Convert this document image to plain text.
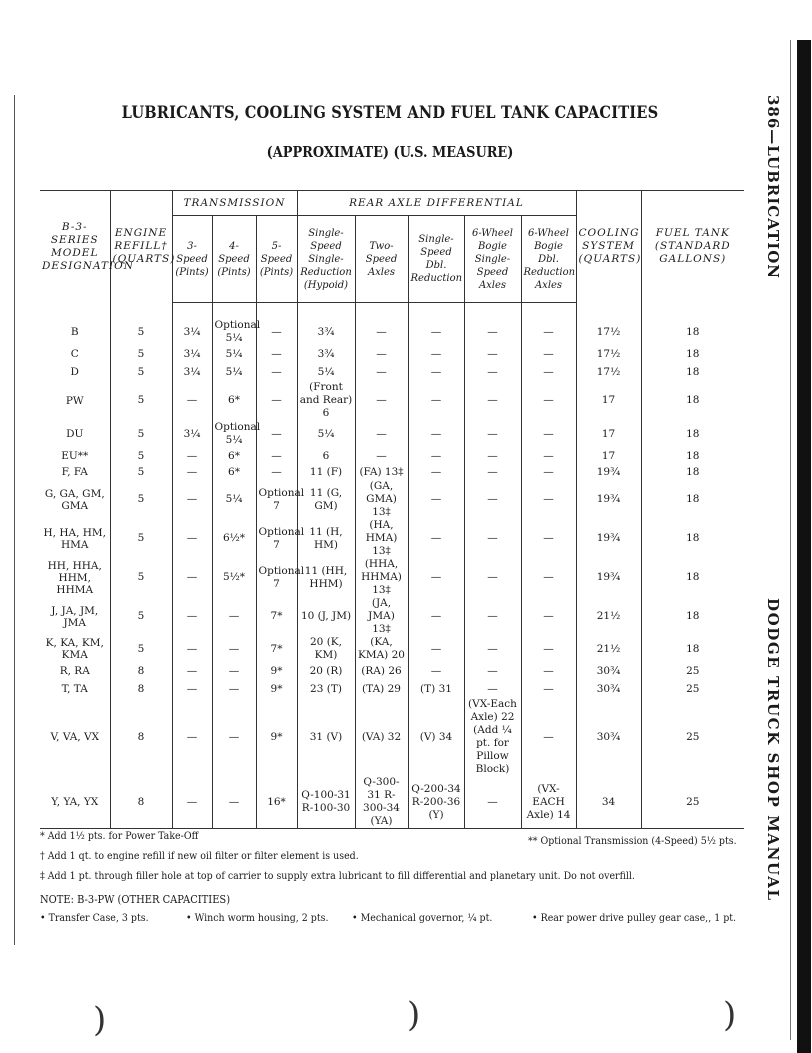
LUBRICANTS, COOLING SYSTEM AND FUEL TANK CAPACITIES
(APPROXIMATE) (U.S. MEASURE)	386—LUBRICATION
DODGE TRUCK SHOP MANUAL
B-3-SERIES MODEL DESIGNATION	ENGINE REFILL† (QUARTS)	TRANSMISSION			REAR AXLE DIFFERENTIAL					COOLING SYSTEM (QUARTS)	FUEL TANK (STANDARD GALLONS)
		3-Speed (Pints)	4-Speed (Pints)	5-Speed (Pints)	Single-Speed Single-Reduction (Hypoid)	Two-Speed Axles	Single-Speed Dbl. Reduction	6-Wheel Bogie Single-Speed Axles	6-Wheel Bogie Dbl. Reduction Axles		

B	5	3¼	Optional 5¼	—	3¾	—	—	—	—	17½	18
C	5	3¼	5¼	—	3¾	—	—	—	—	17½	18
D	5	3¼	5¼	—	5¼	—	—	—	—	17½	18
PW	5	—	6*	—	(Front and Rear) 6	—	—	—	—	17	18
DU	5	3¼	Optional 5¼	—	5¼	—	—	—	—	17	18
EU**	5	—	6*	—	6	—	—	—	—	17	18
F, FA	5	—	6*	—	11 (F)	(FA) 13‡	—	—	—	19¾	18
G, GA, GM, GMA	5	—	5¼	Optional 7	11 (G, GM)	(GA, GMA) 13‡	—	—	—	19¾	18
H, HA, HM, HMA	5	—	6½*	Optional 7	11 (H, HM)	(HA, HMA) 13‡	—	—	—	19¾	18
HH, HHA, HHM, HHMA	5	—	5½*	Optional 7	11 (HH, HHM)	(HHA, HHMA) 13‡	—	—	—	19¾	18
J, JA, JM, JMA	5	—	—	7*	10 (J, JM)	(JA, JMA) 13‡	—	—	—	21½	18
K, KA, KM, KMA	5	—	—	7*	20 (K, KM)	(KA, KMA) 20	—	—	—	21½	18
R, RA	8	—	—	9*	20 (R)	(RA) 26	—	—	—	30¾	25
T, TA	8	—	—	9*	23 (T)	(TA) 29	(T) 31	—	—	30¾	25
V, VA, VX	8	—	—	9*	31 (V)	(VA) 32	(V) 34	(VX-Each Axle) 22 (Add ¼ pt. for Pillow Block)	—	30¾	25
Y, YA, YX	8	—	—	16*	Q-100-31 R-100-30	Q-300-31 R-300-34 (YA)	Q-200-34 R-200-36 (Y)	—	(VX-EACH Axle) 14	34	25
* Add 1½ pts. for Power Take-Off	** Optional Transmission (4-Speed) 5½ pts.
† Add 1 qt. to engine refill if new oil filter or filter element is used.
‡ Add 1 pt. through filler hole at top of carrier to supply extra lubricant to fill differential and planetary unit. Do not overfill.
NOTE: B-3-PW (OTHER CAPACITIES)
• Transfer Case, 3 pts.	• Winch worm housing, 2 pts. • Mechanical governor, ¼ pt.	• Rear power drive pulley gear case,, 1 pt.
)	)	)
